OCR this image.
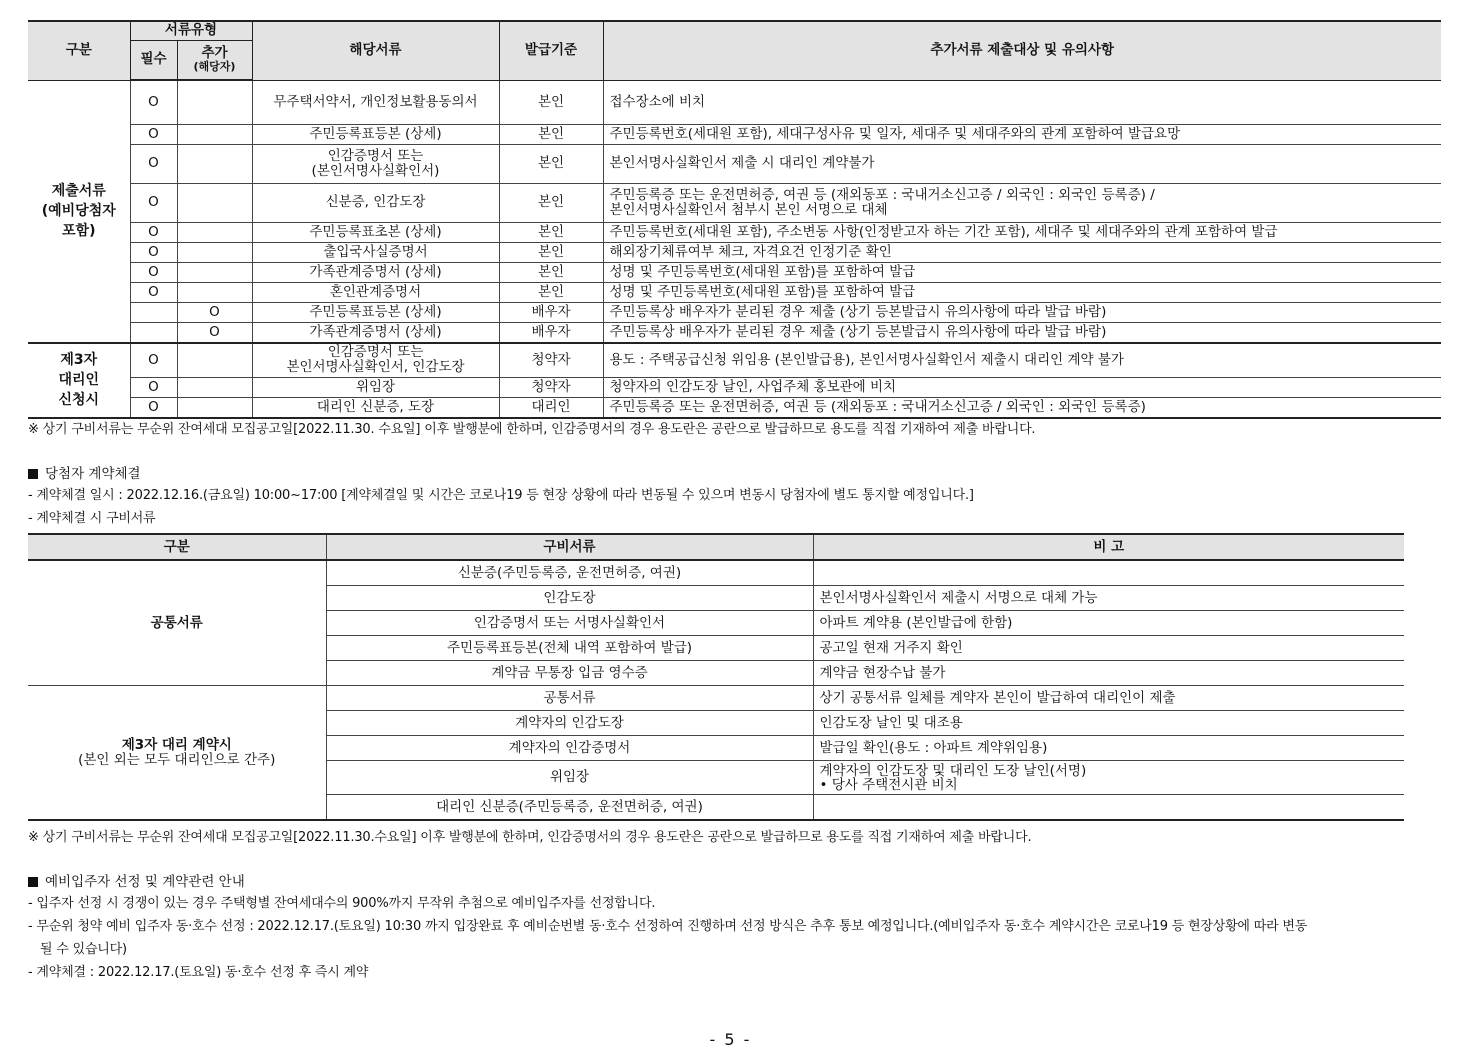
구분	서류유형		해당서류	발급기준	추가서류 제출대상 및 유의사항
	필수	추가
(해당자)			

제출서류
(예비당첨자
포함)	O		무주택서약서, 개인정보활용동의서	본인	접수장소에 비치
	O		주민등록표등본 (상세)	본인	주민등록번호(세대원 포함), 세대구성사유 및 일자, 세대주 및 세대주와의 관계 포함하여 발급요망
	O		인감증명서 또는
(본인서명사실확인서)	본인	본인서명사실확인서 제출 시 대리인 계약불가
	O		신분증, 인감도장	본인	주민등록증 또는 운전면허증, 여권 등 (재외동포 : 국내거소신고증 / 외국인 : 외국인 등록증) /
본인서명사실확인서 첨부시 본인 서명으로 대체
	O		주민등록표초본 (상세)	본인	주민등록번호(세대원 포함), 주소변동 사항(인정받고자 하는 기간 포함), 세대주 및 세대주와의 관계 포함하여 발급
	O		출입국사실증명서	본인	해외장기체류여부 체크, 자격요건 인정기준 확인
	O		가족관계증명서 (상세)	본인	성명 및 주민등록번호(세대원 포함)를 포함하여 발급
	O		혼인관계증명서	본인	성명 및 주민등록번호(세대원 포함)를 포함하여 발급
		O	주민등록표등본 (상세)	배우자	주민등록상 배우자가 분리된 경우 제출 (상기 등본발급시 유의사항에 따라 발급 바람)
		O	가족관계증명서 (상세)	배우자	주민등록상 배우자가 분리된 경우 제출 (상기 등본발급시 유의사항에 따라 발급 바람)
제3자
대리인
신청시	O		인감증명서 또는
본인서명사실확인서, 인감도장	청약자	용도 : 주택공급신청 위임용 (본인발급용), 본인서명사실확인서 제출시 대리인 계약 불가
	O		위임장	청약자	청약자의 인감도장 날인, 사업주체 홍보관에 비치
	O		대리인 신분증, 도장	대리인	주민등록증 또는 운전면허증, 여권 등 (재외동포 : 국내거소신고증 / 외국인 : 외국인 등록증)

※ 상기 구비서류는 무순위 잔여세대 모집공고일[2022.11.30. 수요일] 이후 발행분에 한하며, 인감증명서의 경우 용도란은 공란으로 발급하므로 용도를 직접 기재하여 제출 바랍니다.

당첨자 계약체결

- 계약체결 일시 : 2022.12.16.(금요일) 10:00~17:00 [계약체결일 및 시간은 코로나19 등 현장 상황에 따라 변동될 수 있으며 변동시 당첨자에 별도 통지할 예정입니다.]

- 계약체결 시 구비서류

구분	구비서류	비 고

공통서류	신분증(주민등록증, 운전면허증, 여권)	
	인감도장	본인서명사실확인서 제출시 서명으로 대체 가능
	인감증명서 또는 서명사실확인서	아파트 계약용 (본인발급에 한함)
	주민등록표등본(전체 내역 포함하여 발급)	공고일 현재 거주지 확인
	계약금 무통장 입금 영수증	계약금 현장수납 불가

제3자 대리 계약시
(본인 외는 모두 대리인으로 간주)	공통서류	상기 공통서류 일체를 계약자 본인이 발급하여 대리인이 제출
	계약자의 인감도장	인감도장 날인 및 대조용
	계약자의 인감증명서	발급일 확인(용도 : 아파트 계약위임용)
	위임장	계약자의 인감도장 및 대리인 도장 날인(서명)
• 당사 주택전시관 비치
	대리인 신분증(주민등록증, 운전면허증, 여권)	

※ 상기 구비서류는 무순위 잔여세대 모집공고일[2022.11.30.수요일] 이후 발행분에 한하며, 인감증명서의 경우 용도란은 공란으로 발급하므로 용도를 직접 기재하여 제출 바랍니다.

예비입주자 선정 및 계약관련 안내

- 입주자 선정 시 경쟁이 있는 경우 주택형별 잔여세대수의 900%까지 무작위 추첨으로 예비입주자를 선정합니다.

- 무순위 청약 예비 입주자 동·호수 선정 : 2022.12.17.(토요일) 10:30 까지 입장완료 후 예비순번별 동·호수 선정하여 진행하며 선정 방식은 추후 통보 예정입니다.(예비입주자 동·호수 계약시간은 코로나19 등 현장상황에 따라 변동

될 수 있습니다)

- 계약체결 : 2022.12.17.(토요일) 동·호수 선정 후 즉시 계약

- 5 -
